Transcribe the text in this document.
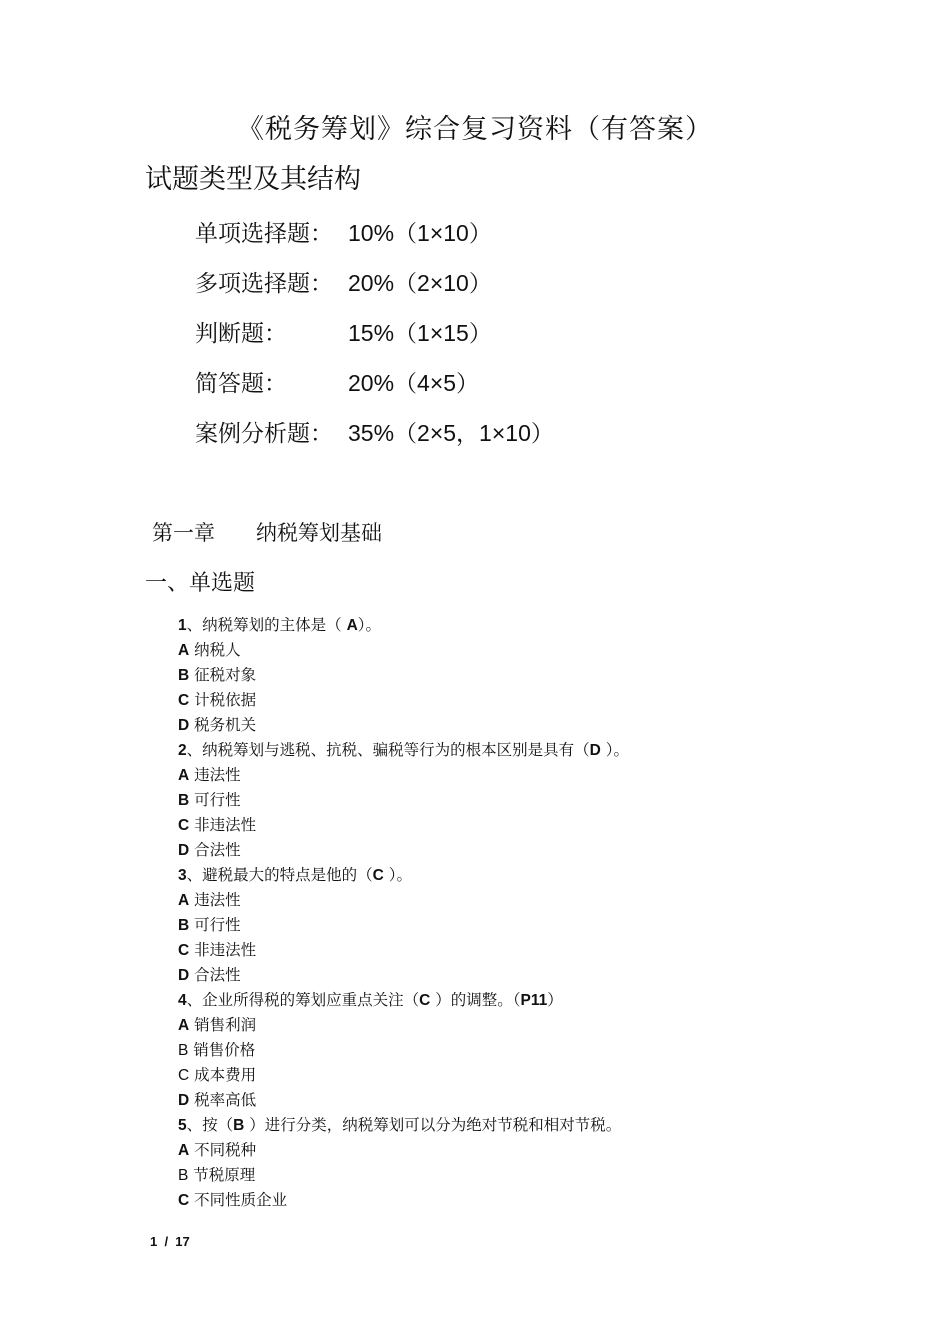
《税务筹划》综合复习资料（有答案）
试题类型及其结构
单项选择题： 10%（1×10）
多项选择题： 20%（2×10）
判断题：	15%（1×15）
简答题：	20%（4×5）
案例分析题： 35%（2×5，1×10）
第一章 纳税筹划基础
一、单选题
1、纳税筹划的主体是（ A）。
A 纳税人
B 征税对象
C 计税依据
D 税务机关
2、纳税筹划与逃税、抗税、骗税等行为的根本区别是具有（D ）。
A 违法性
B 可行性
C 非违法性
D 合法性
3、避税最大的特点是他的（C ）。
A 违法性
B 可行性
C 非违法性
D 合法性
4、企业所得税的筹划应重点关注（C ）的调整。（P11）
A 销售利润
B 销售价格
C 成本费用
D 税率高低
5、按（B ）进行分类，纳税筹划可以分为绝对节税和相对节税。
A 不同税种
B 节税原理
C 不同性质企业
1  /  17
